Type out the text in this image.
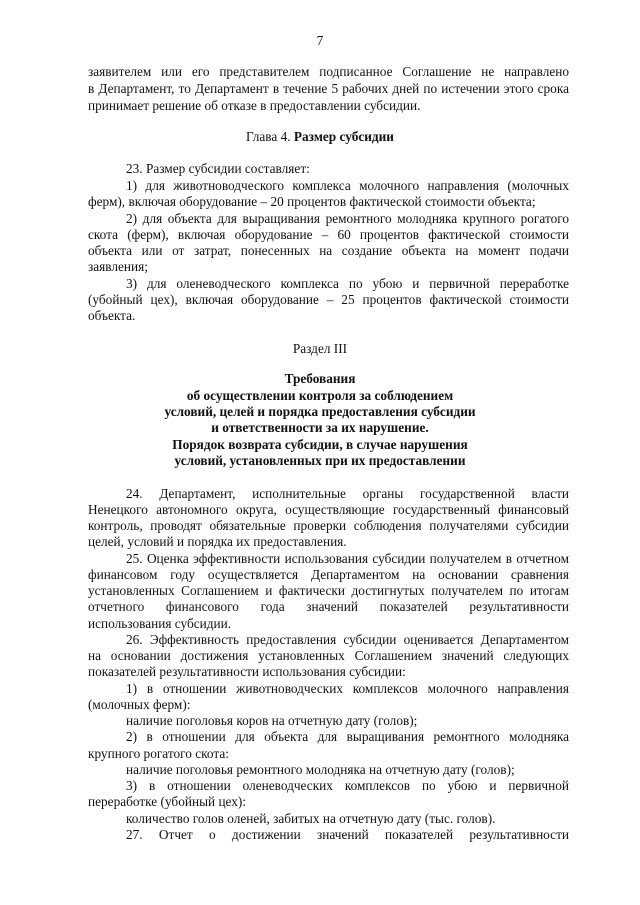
7
заявителем или его представителем подписанное Соглашение не направлено
в Департамент, то Департамент в течение 5 рабочих дней по истечении этого срока
принимает решение об отказе в предоставлении субсидии.
Глава 4. Размер субсидии
23. Размер субсидии составляет:
1) для животноводческого комплекса молочного направления (молочных
ферм), включая оборудование – 20 процентов фактической стоимости объекта;
2) для объекта для выращивания ремонтного молодняка крупного рогатого
скота (ферм), включая оборудование – 60 процентов фактической стоимости
объекта или от затрат, понесенных на создание объекта на момент подачи
заявления;
3) для оленеводческого комплекса по убою и первичной переработке
(убойный цех), включая оборудование – 25 процентов фактической стоимости
объекта.
Раздел III
Требования
об осуществлении контроля за соблюдением
условий, целей и порядка предоставления субсидии
и ответственности за их нарушение.
Порядок возврата субсидии, в случае нарушения
условий, установленных при их предоставлении
24. Департамент, исполнительные органы государственной власти
Ненецкого автономного округа, осуществляющие государственный финансовый
контроль, проводят обязательные проверки соблюдения получателями субсидии
целей, условий и порядка их предоставления.
25. Оценка эффективности использования субсидии получателем в отчетном
финансовом году осуществляется Департаментом на основании сравнения
установленных Соглашением и фактически достигнутых получателем по итогам
отчетного финансового года значений показателей результативности
использования субсидии.
26. Эффективность предоставления субсидии оценивается Департаментом
на основании достижения установленных Соглашением значений следующих
показателей результативности использования субсидии:
1) в отношении животноводческих комплексов молочного направления
(молочных ферм):
наличие поголовья коров на отчетную дату (голов);
2) в отношении для объекта для выращивания ремонтного молодняка
крупного рогатого скота:
наличие поголовья ремонтного молодняка на отчетную дату (голов);
3) в отношении оленеводческих комплексов по убою и первичной
переработке (убойный цех):
количество голов оленей, забитых на отчетную дату (тыс. голов).
27. Отчет о достижении значений показателей результативности
